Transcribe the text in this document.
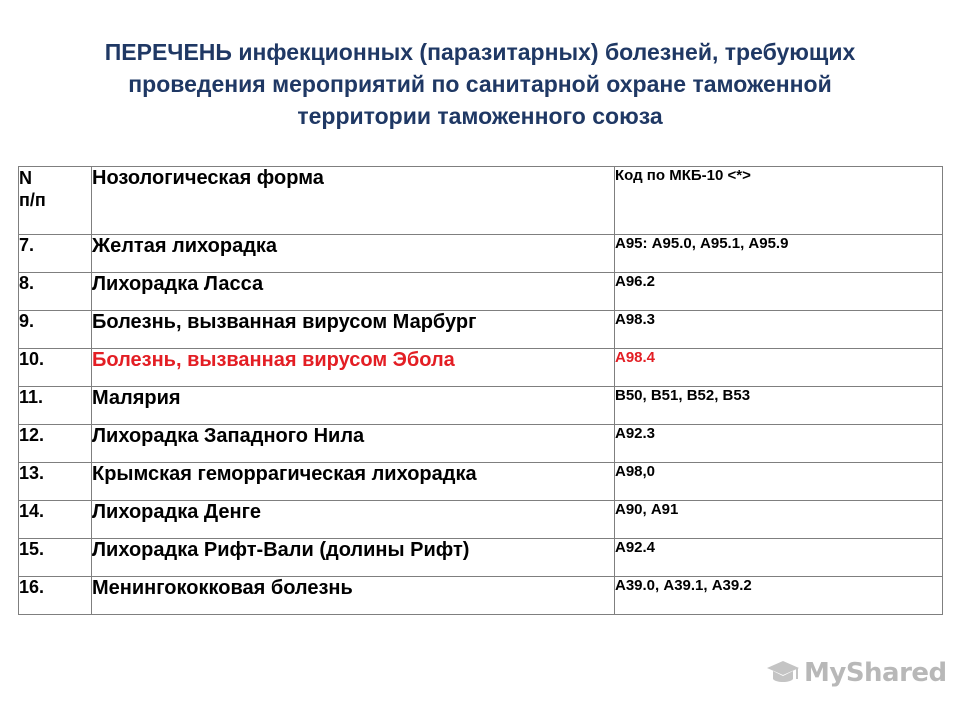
ПЕРЕЧЕНЬ инфекционных (паразитарных) болезней, требующих
проведения мероприятий по санитарной охране таможенной
территории таможенного союза
N
п/п	Нозологическая форма	Код по МКБ-10 <*>
7.	Желтая лихорадка	А95: А95.0, А95.1, А95.9
8.	Лихорадка Ласса	А96.2
9.	Болезнь, вызванная вирусом Марбург	А98.3
10.	Болезнь, вызванная вирусом Эбола	А98.4
11.	Малярия	В50, В51, В52, В53
12.	Лихорадка Западного Нила	А92.3
13.	Крымская геморрагическая лихорадка	А98,0
14.	Лихорадка Денге	А90, А91
15.	Лихорадка Рифт-Вали (долины Рифт)	А92.4
16.	Менингококковая болезнь	А39.0, А39.1, А39.2
MyShared
